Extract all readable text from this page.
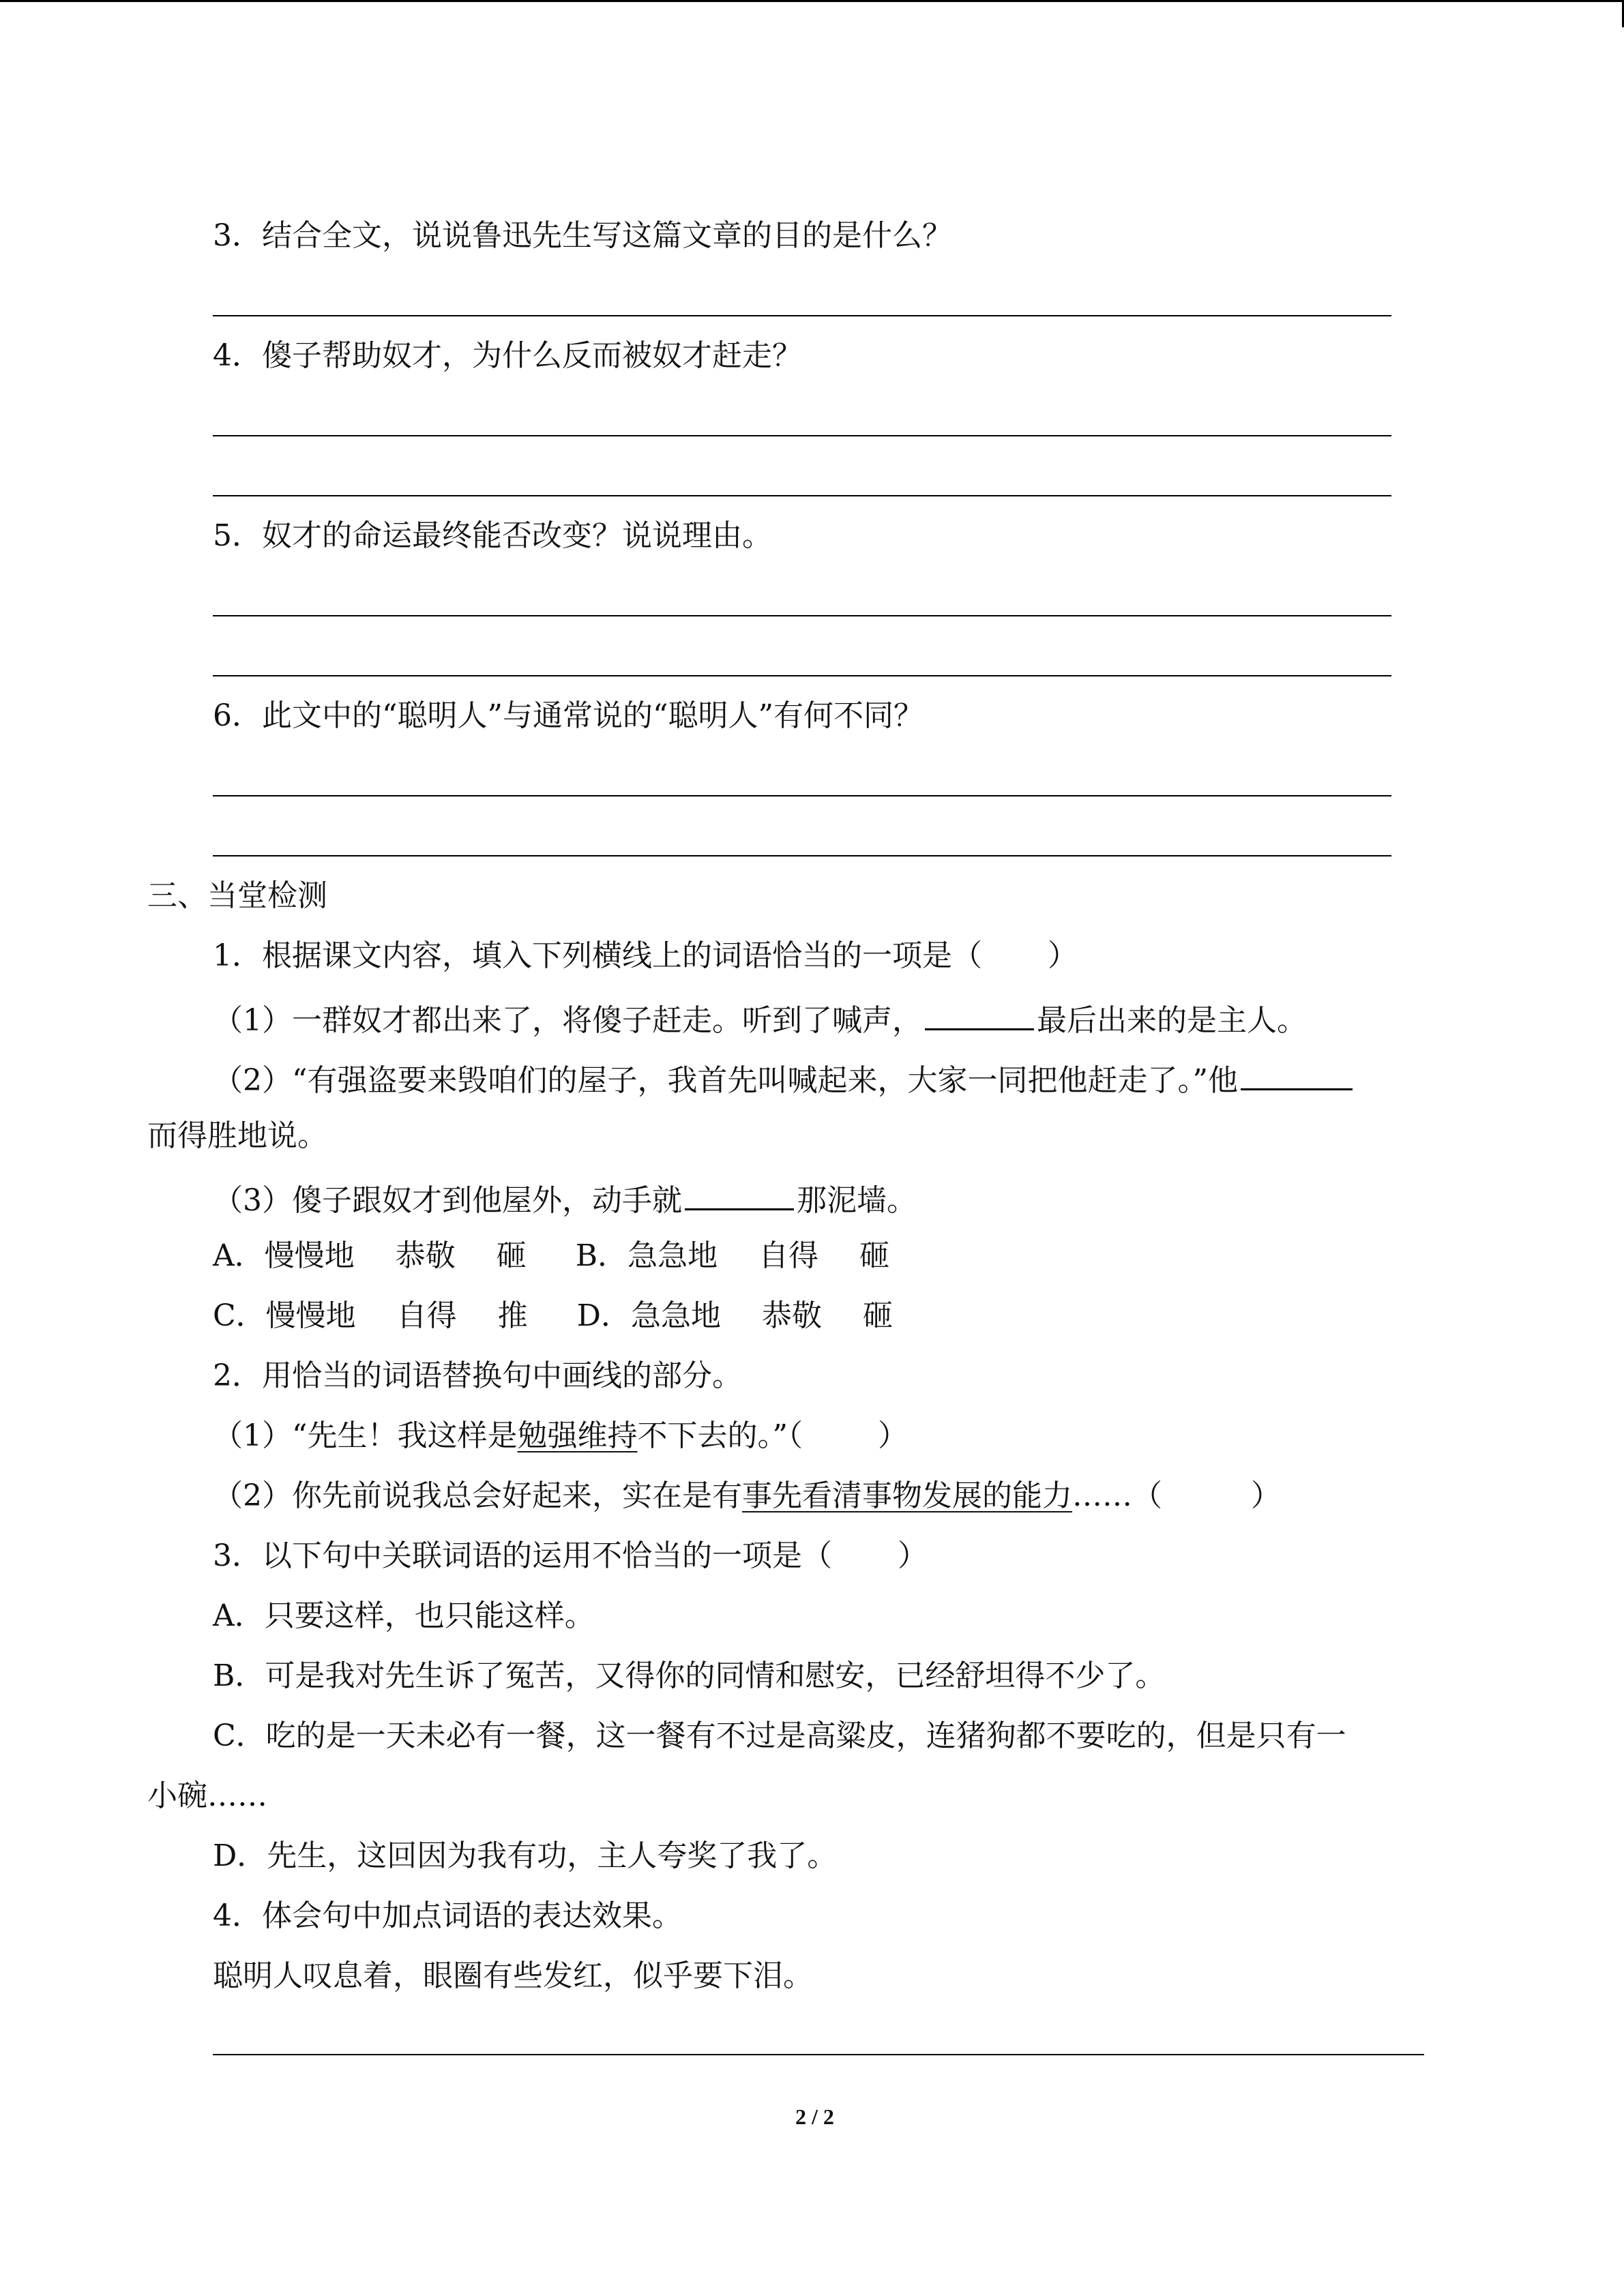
3．结合全文，说说鲁迅先生写这篇文章的目的是什么？
4．傻子帮助奴才，为什么反而被奴才赶走？
5．奴才的命运最终能否改变？说说理由。
6．此文中的“聪明人”与通常说的“聪明人”有何不同？
三、当堂检测
1．根据课文内容，填入下列横线上的词语恰当的一项是（ ）
（1）一群奴才都出来了，将傻子赶走。听到了喊声，	最后出来的是主人。
（2）“有强盗要来毁咱们的屋子，我首先叫喊起来，大家一同把他赶走了。”他
而得胜地说。
（3）傻子跟奴才到他屋外，动手就	那泥墙。
A．慢慢地 恭敬 砸 B．急急地 自得 砸
C．慢慢地 自得 推 D．急急地 恭敬 砸
2．用恰当的词语替换句中画线的部分。
（1）“先生！我这样是勉强维持不下去的。”（	）
（2）你先前说我总会好起来，实在是有事先看清事物发展的能力……（	）
3．以下句中关联词语的运用不恰当的一项是（ ）
A．只要这样，也只能这样。
B．可是我对先生诉了冤苦，又得你的同情和慰安，已经舒坦得不少了。
C．吃的是一天未必有一餐，这一餐有不过是高粱皮，连猪狗都不要吃的，但是只有一
小碗……
D．先生，这回因为我有功，主人夸奖了我了。
4．体会句中加点词语的表达效果。
聪明人叹息着，眼圈有些发红，似乎要下泪。
2 / 2
